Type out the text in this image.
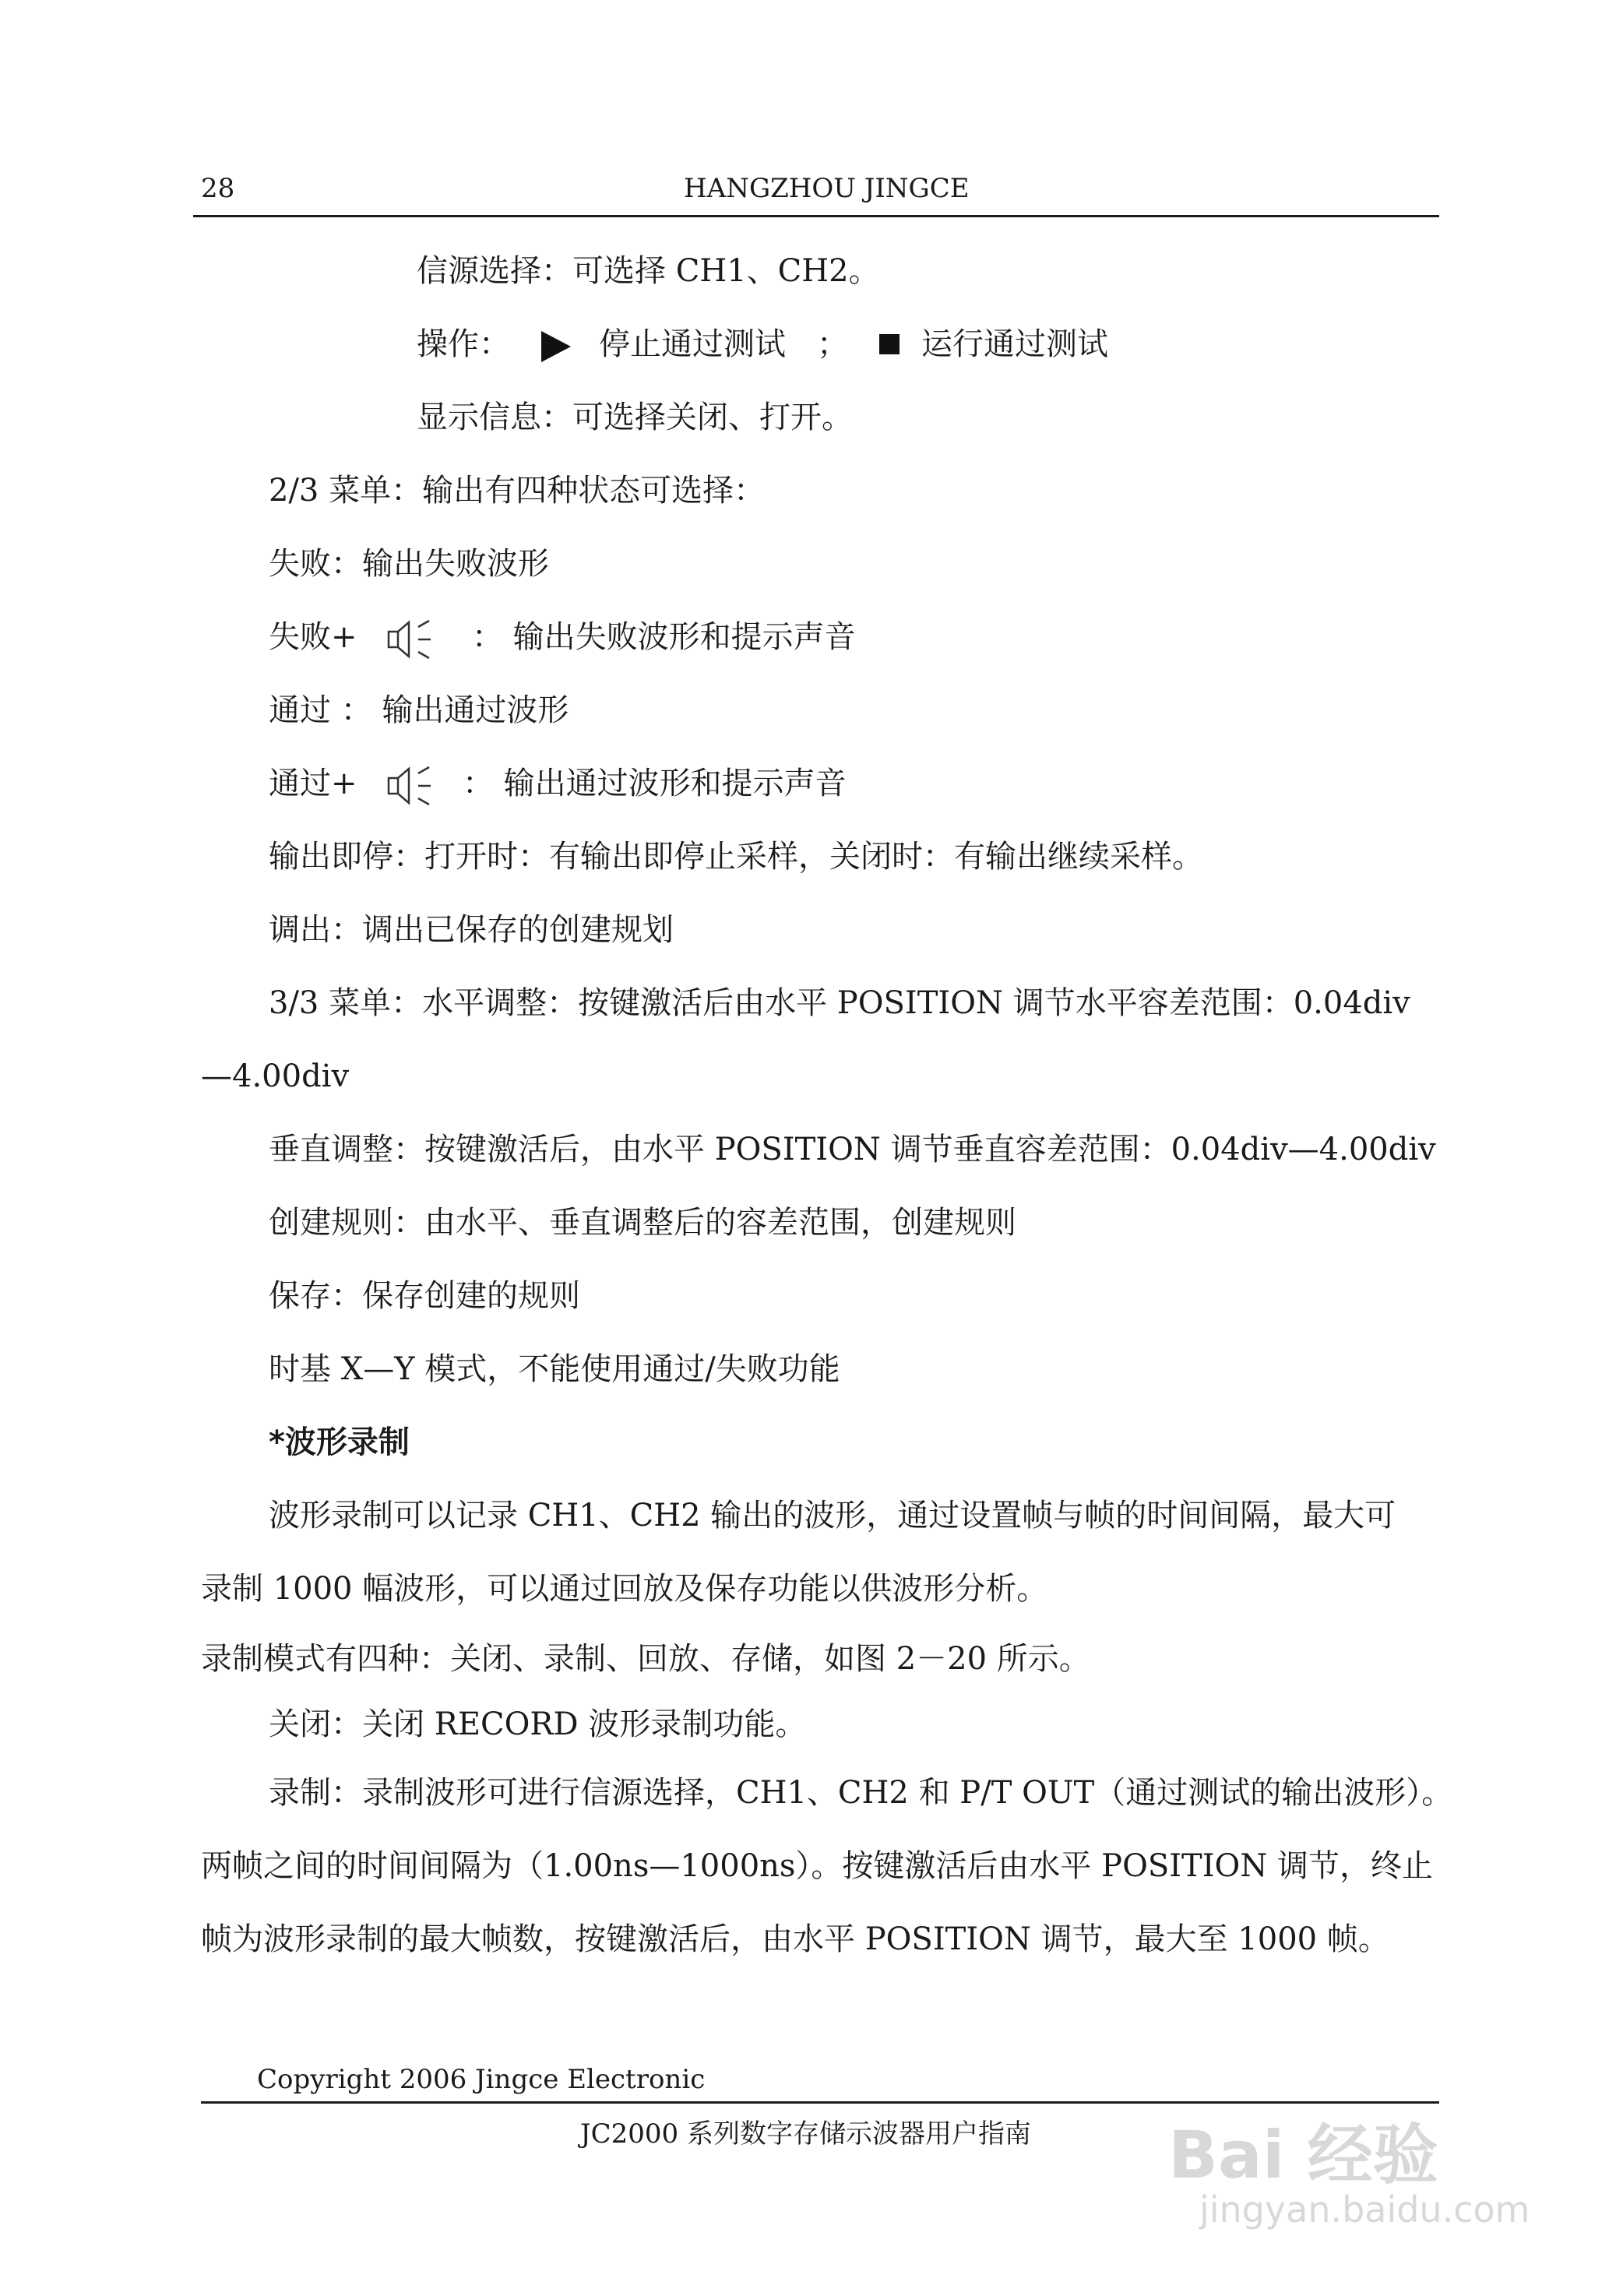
28	HANGZHOU JINGCE
信源选择：可选择 CH1、CH2。
操作：	停止通过测试 ； 运行通过测试
显示信息：可选择关闭、打开。
2/3 菜单：输出有四种状态可选择：
失败：输出失败波形
失败+	： 输出失败波形和提示声音
通过 ： 输出通过波形
通过+	： 输出通过波形和提示声音
输出即停：打开时：有输出即停止采样，关闭时：有输出继续采样。
调出：调出已保存的创建规划
3/3 菜单：水平调整：按键激活后由水平 POSITION 调节水平容差范围：0.04div
—4.00div
垂直调整：按键激活后，由水平 POSITION 调节垂直容差范围：0.04div—4.00div
创建规则：由水平、垂直调整后的容差范围，创建规则
保存：保存创建的规则
时基 X—Y 模式，不能使用通过/失败功能
*波形录制
波形录制可以记录 CH1、CH2 输出的波形，通过设置帧与帧的时间间隔，最大可
录制 1000 幅波形，可以通过回放及保存功能以供波形分析。
录制模式有四种：关闭、录制、回放、存储，如图 2－20 所示。
关闭：关闭 RECORD 波形录制功能。
录制：录制波形可进行信源选择，CH1、CH2 和 P/T OUT（通过测试的输出波形）。
两帧之间的时间间隔为（1.00ns—1000ns）。按键激活后由水平 POSITION 调节，终止
帧为波形录制的最大帧数，按键激活后，由水平 POSITION 调节，最大至 1000 帧。
Copyright 2006 Jingce Electronic
JC2000 系列数字存储示波器用户指南 Bai 经验
jingyan.baidu.com
